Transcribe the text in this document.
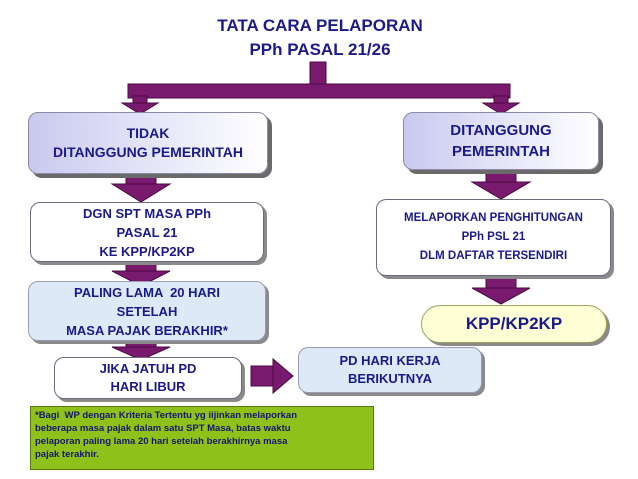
TATA CARA PELAPORAN
PPh PASAL 21/26
TIDAK
DITANGGUNG PEMERINTAH
DITANGGUNG
PEMERINTAH
DGN SPT MASA PPh
PASAL 21
KE KPP/KP2KP
MELAPORKAN PENGHITUNGAN
PPh PSL 21
DLM DAFTAR TERSENDIRI
PALING LAMA  20 HARI
SETELAH
MASA PAJAK BERAKHIR*	KPP/KP2KP
JIKA JATUH PD
HARI LIBUR
PD HARI KERJA
BERIKUTNYA
*Bagi  WP dengan Kriteria Tertentu yg iijinkan melaporkan
beberapa masa pajak dalam satu SPT Masa, batas waktu
pelaporan paling lama 20 hari setelah berakhirnya masa
pajak terakhir.
